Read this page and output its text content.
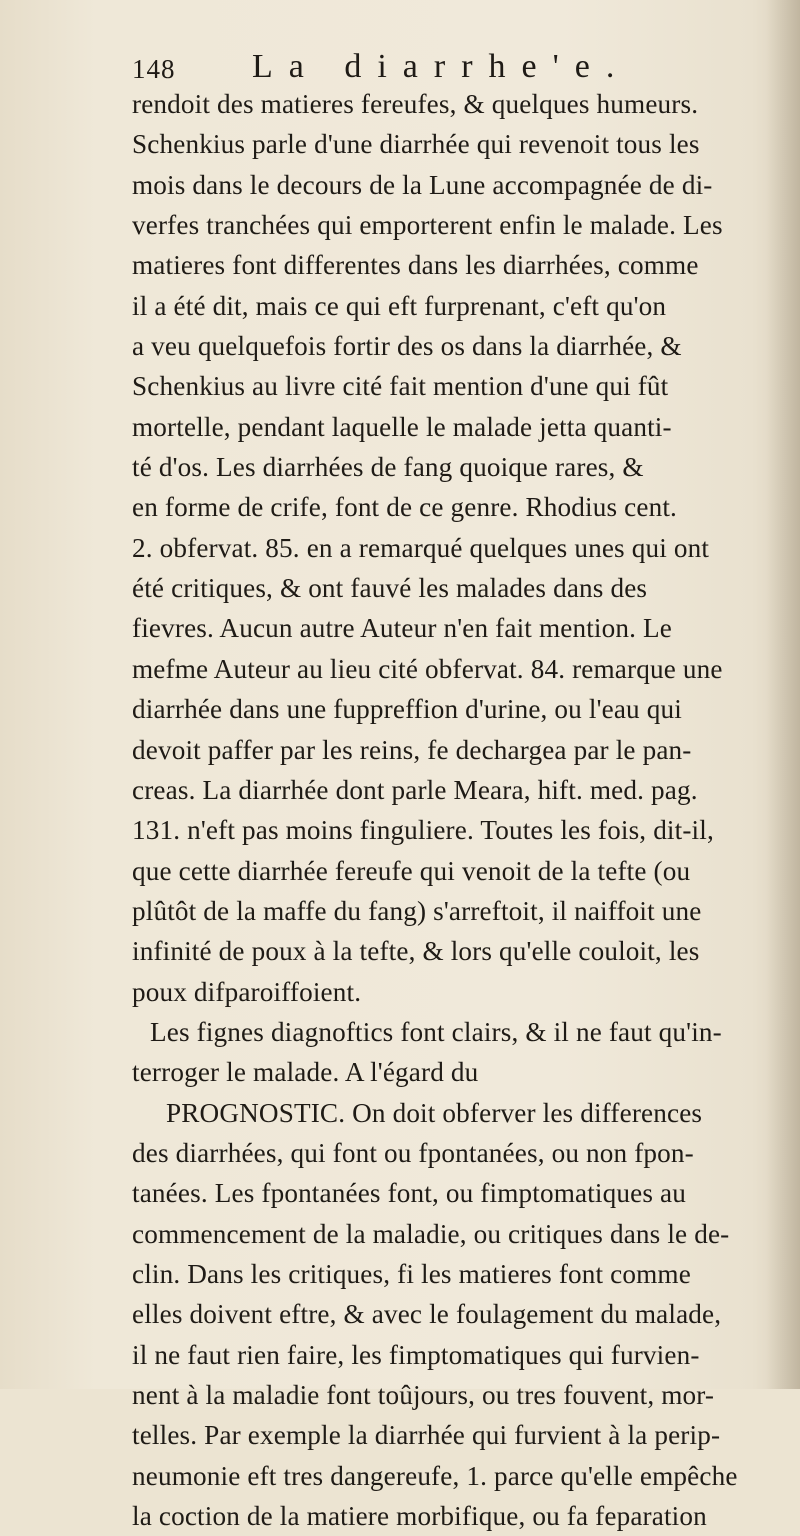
148 La diarrhe'e.
rendoit des matieres fereufes, & quelques humeurs.
Schenkius parle d'une diarrhée qui revenoit tous les
mois dans le decours de la Lune accompagnée de di-
verfes tranchées qui emporterent enfin le malade. Les
matieres font differentes dans les diarrhées, comme
il a été dit, mais ce qui eft furprenant, c'eft qu'on
a veu quelquefois fortir des os dans la diarrhée, &
Schenkius au livre cité fait mention d'une qui fût
mortelle, pendant laquelle le malade jetta quanti-
té d'os. Les diarrhées de fang quoique rares, &
en forme de crife, font de ce genre. Rhodius cent.
2. obfervat. 85. en a remarqué quelques unes qui ont
été critiques, & ont fauvé les malades dans des
fievres. Aucun autre Auteur n'en fait mention. Le
mefme Auteur au lieu cité obfervat. 84. remarque une
diarrhée dans une fuppreffion d'urine, ou l'eau qui
devoit paffer par les reins, fe dechargea par le pan-
creas. La diarrhée dont parle Meara, hift. med. pag.
131. n'eft pas moins finguliere. Toutes les fois, dit-il,
que cette diarrhée fereufe qui venoit de la tefte (ou
plûtôt de la maffe du fang) s'arreftoit, il naiffoit une
infinité de poux à la tefte, & lors qu'elle couloit, les
poux difparoiffoient.
Les fignes diagnoftics font clairs, & il ne faut qu'in-
terroger le malade. A l'égard du
PROGNOSTIC. On doit obferver les differences
des diarrhées, qui font ou fpontanées, ou non fpon-
tanées. Les fpontanées font, ou fimptomatiques au
commencement de la maladie, ou critiques dans le de-
clin. Dans les critiques, fi les matieres font comme
elles doivent eftre, & avec le foulagement du malade,
il ne faut rien faire, les fimptomatiques qui furvien-
nent à la maladie font toûjours, ou tres fouvent, mor-
telles. Par exemple la diarrhée qui furvient à la perip-
neumonie eft tres dangereufe, 1. parce qu'elle empêche
la coction de la matiere morbifique, ou fa feparation
